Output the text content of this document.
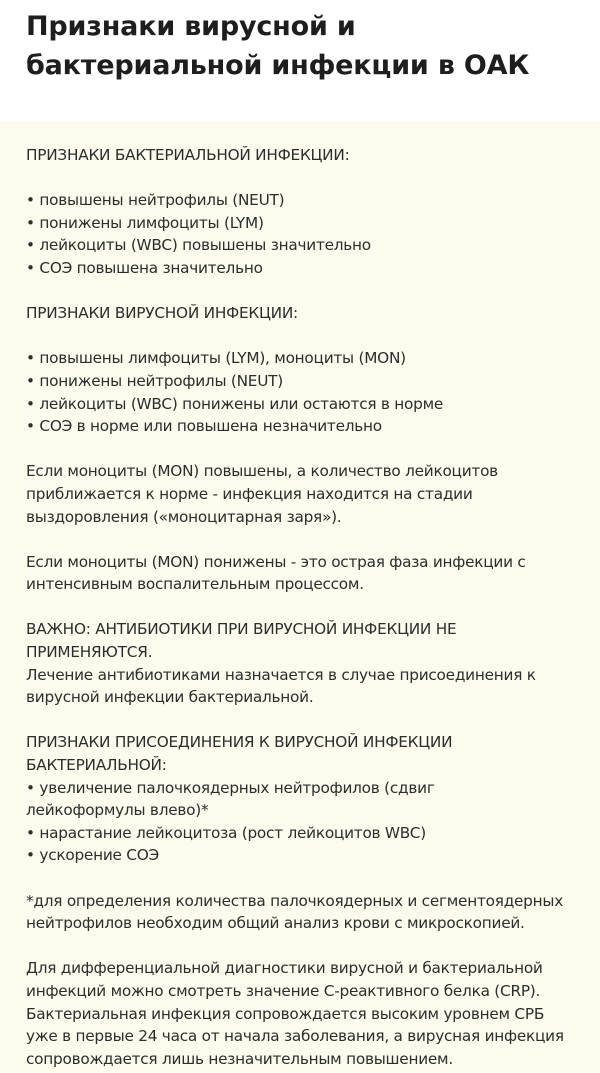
Признаки вирусной и
бактериальной инфекции в ОАК
ПРИЗНАКИ БАКТЕРИАЛЬНОЙ ИНФЕКЦИИ:
• повышены нейтрофилы (NEUT)
• понижены лимфоциты (LYM)
• лейкоциты (WBC) повышены значительно
• СОЭ повышена значительно
ПРИЗНАКИ ВИРУСНОЙ ИНФЕКЦИИ:
• повышены лимфоциты (LYM), моноциты (MON)
• понижены нейтрофилы (NEUT)
• лейкоциты (WBC) понижены или остаются в норме
• СОЭ в норме или повышена незначительно
Если моноциты (MON) повышены, а количество лейкоцитов
приближается к норме - инфекция находится на стадии
выздоровления («моноцитарная заря»).
Если моноциты (MON) понижены - это острая фаза инфекции с
интенсивным воспалительным процессом.
ВАЖНО: АНТИБИОТИКИ ПРИ ВИРУСНОЙ ИНФЕКЦИИ НЕ
ПРИМЕНЯЮТСЯ.
Лечение антибиотиками назначается в случае присоединения к
вирусной инфекции бактериальной.
ПРИЗНАКИ ПРИСОЕДИНЕНИЯ К ВИРУСНОЙ ИНФЕКЦИИ
БАКТЕРИАЛЬНОЙ:
• увеличение палочкоядерных нейтрофилов (сдвиг
лейкоформулы влево)*
• нарастание лейкоцитоза (рост лейкоцитов WBC)
• ускорение СОЭ
*для определения количества палочкоядерных и сегментоядерных
нейтрофилов необходим общий анализ крови с микроскопией.
Для дифференциальной диагностики вирусной и бактериальной
инфекций можно смотреть значение С-реактивного белка (CRP).
Бактериальная инфекция сопровождается высоким уровнем СРБ
уже в первые 24 часа от начала заболевания, а вирусная инфекция
сопровождается лишь незначительным повышением.
